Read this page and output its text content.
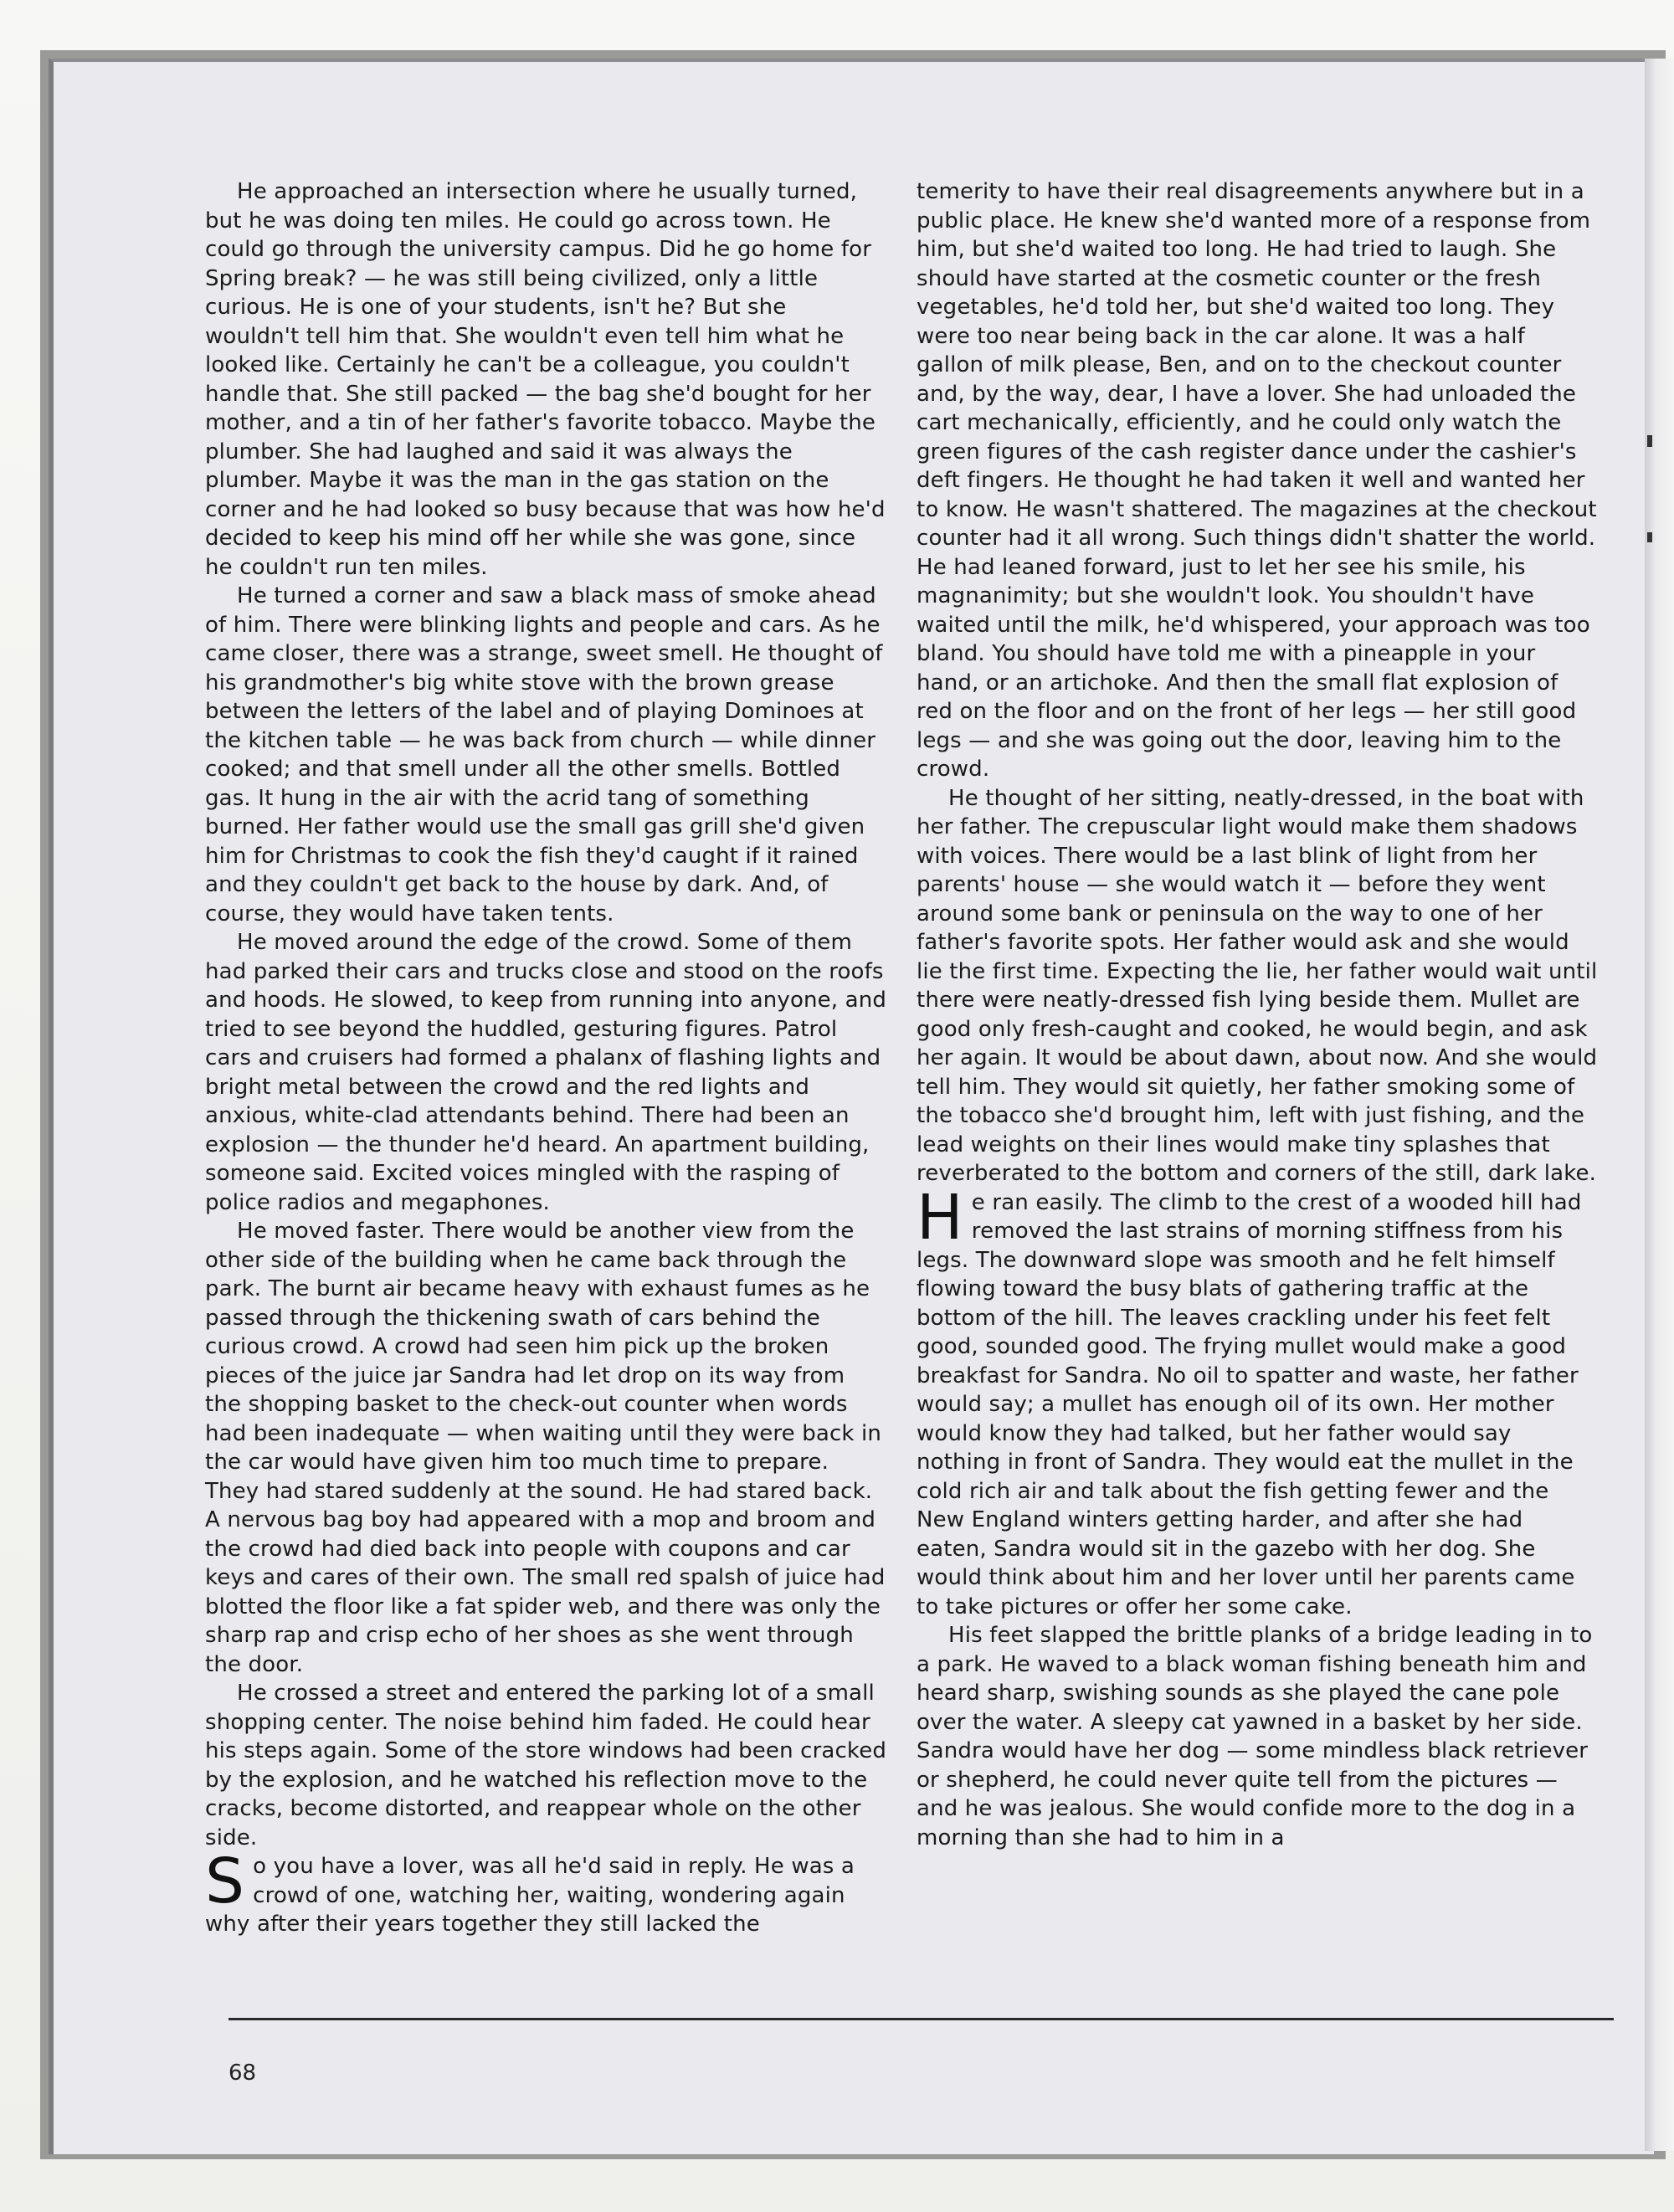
He approached an intersection where he usually turned, but he was doing ten miles. He could go across town. He could go through the university campus. Did he go home for Spring break? — he was still being civilized, only a little curious. He is one of your students, isn't he? But she wouldn't tell him that. She wouldn't even tell him what he looked like. Certainly he can't be a colleague, you couldn't handle that. She still packed — the bag she'd bought for her mother, and a tin of her father's favorite tobacco. Maybe the plumber. She had laughed and said it was always the plumber. Maybe it was the man in the gas station on the corner and he had looked so busy because that was how he'd decided to keep his mind off her while she was gone, since he couldn't run ten miles.

He turned a corner and saw a black mass of smoke ahead of him. There were blinking lights and people and cars. As he came closer, there was a strange, sweet smell. He thought of his grandmother's big white stove with the brown grease between the letters of the label and of playing Dominoes at the kitchen table — he was back from church — while dinner cooked; and that smell under all the other smells. Bottled gas. It hung in the air with the acrid tang of something burned. Her father would use the small gas grill she'd given him for Christmas to cook the fish they'd caught if it rained and they couldn't get back to the house by dark. And, of course, they would have taken tents.

He moved around the edge of the crowd. Some of them had parked their cars and trucks close and stood on the roofs and hoods. He slowed, to keep from running into anyone, and tried to see beyond the huddled, gesturing figures. Patrol cars and cruisers had formed a phalanx of flashing lights and bright metal between the crowd and the red lights and anxious, white-clad attendants behind. There had been an explosion — the thunder he'd heard. An apartment building, someone said. Excited voices mingled with the rasping of police radios and megaphones.

He moved faster. There would be another view from the other side of the building when he came back through the park. The burnt air became heavy with exhaust fumes as he passed through the thickening swath of cars behind the curious crowd. A crowd had seen him pick up the broken pieces of the juice jar Sandra had let drop on its way from the shopping basket to the check-out counter when words had been inadequate — when waiting until they were back in the car would have given him too much time to prepare. They had stared suddenly at the sound. He had stared back. A nervous bag boy had appeared with a mop and broom and the crowd had died back into people with coupons and car keys and cares of their own. The small red spalsh of juice had blotted the floor like a fat spider web, and there was only the sharp rap and crisp echo of her shoes as she went through the door.

He crossed a street and entered the parking lot of a small shopping center. The noise behind him faded. He could hear his steps again. Some of the store windows had been cracked by the explosion, and he watched his reflection move to the cracks, become distorted, and reappear whole on the other side.

So you have a lover, was all he'd said in reply. He was a crowd of one, watching her, waiting, wondering again why after their years together they still lacked the

temerity to have their real disagreements anywhere but in a public place. He knew she'd wanted more of a response from him, but she'd waited too long. He had tried to laugh. She should have started at the cosmetic counter or the fresh vegetables, he'd told her, but she'd waited too long. They were too near being back in the car alone. It was a half gallon of milk please, Ben, and on to the checkout counter and, by the way, dear, I have a lover. She had unloaded the cart mechanically, efficiently, and he could only watch the green figures of the cash register dance under the cashier's deft fingers. He thought he had taken it well and wanted her to know. He wasn't shattered. The magazines at the checkout counter had it all wrong. Such things didn't shatter the world. He had leaned forward, just to let her see his smile, his magnanimity; but she wouldn't look. You shouldn't have waited until the milk, he'd whispered, your approach was too bland. You should have told me with a pineapple in your hand, or an artichoke. And then the small flat explosion of red on the floor and on the front of her legs — her still good legs — and she was going out the door, leaving him to the crowd.

He thought of her sitting, neatly-dressed, in the boat with her father. The crepuscular light would make them shadows with voices. There would be a last blink of light from her parents' house — she would watch it — before they went around some bank or peninsula on the way to one of her father's favorite spots. Her father would ask and she would lie the first time. Expecting the lie, her father would wait until there were neatly-dressed fish lying beside them. Mullet are good only fresh-caught and cooked, he would begin, and ask her again. It would be about dawn, about now. And she would tell him. They would sit quietly, her father smoking some of the tobacco she'd brought him, left with just fishing, and the lead weights on their lines would make tiny splashes that reverberated to the bottom and corners of the still, dark lake.

He ran easily. The climb to the crest of a wooded hill had removed the last strains of morning stiffness from his legs. The downward slope was smooth and he felt himself flowing toward the busy blats of gathering traffic at the bottom of the hill. The leaves crackling under his feet felt good, sounded good. The frying mullet would make a good breakfast for Sandra. No oil to spatter and waste, her father would say; a mullet has enough oil of its own. Her mother would know they had talked, but her father would say nothing in front of Sandra. They would eat the mullet in the cold rich air and talk about the fish getting fewer and the New England winters getting harder, and after she had eaten, Sandra would sit in the gazebo with her dog. She would think about him and her lover until her parents came to take pictures or offer her some cake.

His feet slapped the brittle planks of a bridge leading in to a park. He waved to a black woman fishing beneath him and heard sharp, swishing sounds as she played the cane pole over the water. A sleepy cat yawned in a basket by her side. Sandra would have her dog — some mindless black retriever or shepherd, he could never quite tell from the pictures — and he was jealous. She would confide more to the dog in a morning than she had to him in a

68
